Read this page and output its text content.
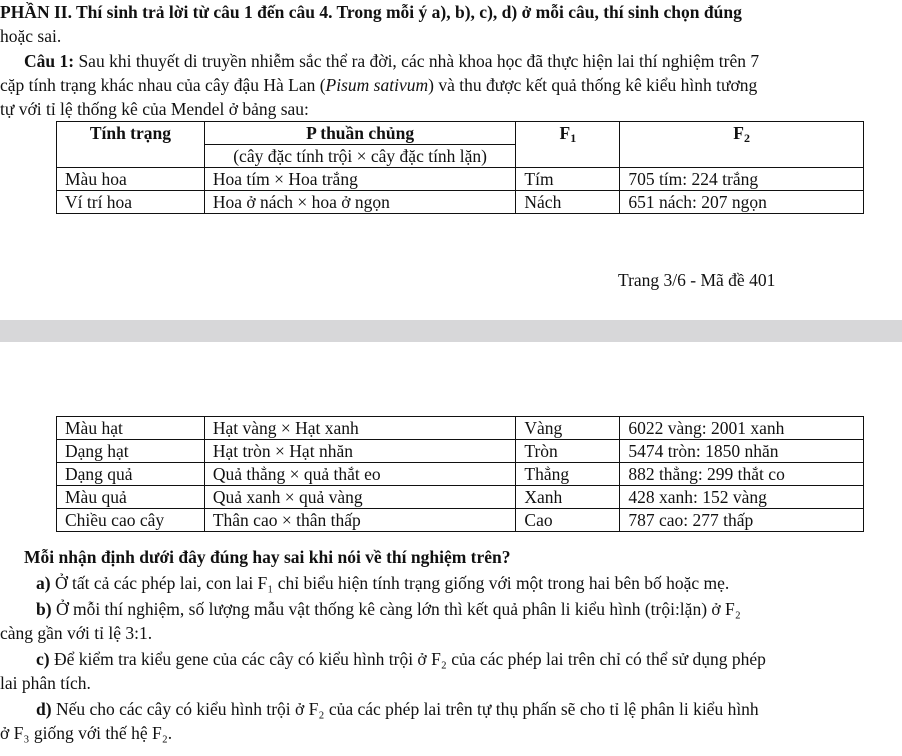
PHẦN II. Thí sinh trả lời từ câu 1 đến câu 4. Trong mỗi ý a), b), c), d) ở mỗi câu, thí sinh chọn đúng
hoặc sai.
Câu 1: Sau khi thuyết di truyền nhiễm sắc thể ra đời, các nhà khoa học đã thực hiện lai thí nghiệm trên 7
cặp tính trạng khác nhau của cây đậu Hà Lan (Pisum sativum) và thu được kết quả thống kê kiểu hình tương
tự với tỉ lệ thống kê của Mendel ở bảng sau:
Tính trạng	P thuần chủng	$F_1$	$F_2$
	(cây đặc tính trội × cây đặc tính lặn)		
Màu hoa	Hoa tím × Hoa trắng	Tím	705 tím: 224 trắng
Ví trí hoa	Hoa ở nách × hoa ở ngọn	Nách	651 nách: 207 ngọn
Trang 3/6 - Mã đề 401
Màu hạt	Hạt vàng × Hạt xanh	Vàng	6022 vàng: 2001 xanh
Dạng hạt	Hạt tròn × Hạt nhăn	Tròn	5474 tròn: 1850 nhăn
Dạng quả	Quả thẳng × quả thắt eo	Thẳng	882 thẳng: 299 thắt co
Màu quả	Quả xanh × quả vàng	Xanh	428 xanh: 152 vàng
Chiều cao cây	Thân cao × thân thấp	Cao	787 cao: 277 thấp
Mỗi nhận định dưới đây đúng hay sai khi nói về thí nghiệm trên?
a) Ở tất cả các phép lai, con lai F₁ chỉ biểu hiện tính trạng giống với một trong hai bên bố hoặc mẹ.
b) Ở mỗi thí nghiệm, số lượng mẫu vật thống kê càng lớn thì kết quả phân li kiểu hình (trội:lặn) ở F₂
càng gần với tỉ lệ 3:1.
c) Để kiểm tra kiểu gene của các cây có kiểu hình trội ở F₂ của các phép lai trên chỉ có thể sử dụng phép
lai phân tích.
d) Nếu cho các cây có kiểu hình trội ở F₂ của các phép lai trên tự thụ phấn sẽ cho tỉ lệ phân li kiểu hình
ở F₃ giống với thế hệ F₂.
